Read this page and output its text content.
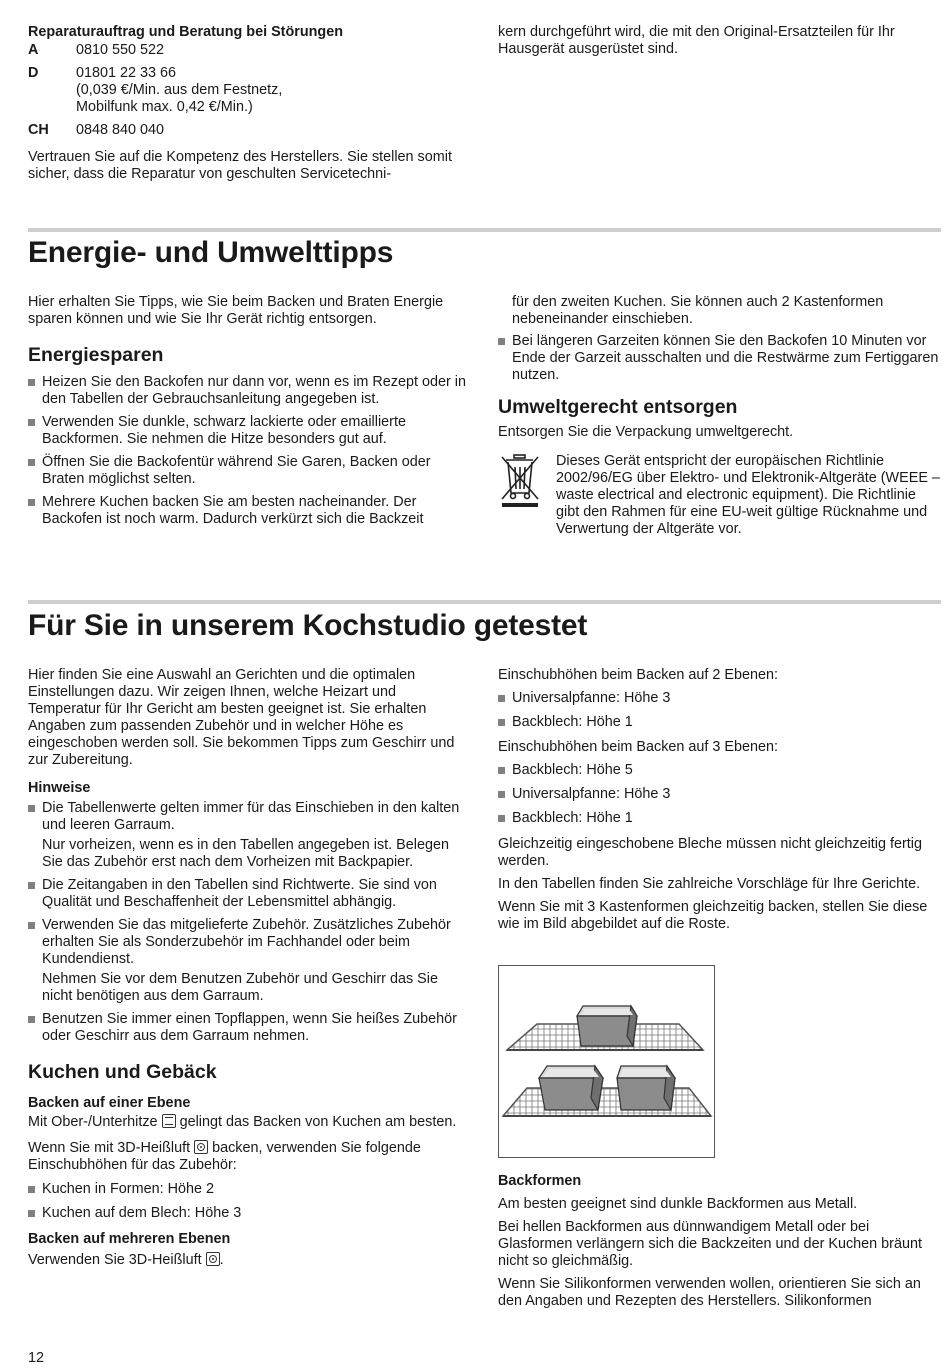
Reparaturauftrag und Beratung bei Störungen

A	0810 550 522

D	01801 22 33 66

(0,039 €/Min. aus dem Festnetz,

Mobilfunk max. 0,42 €/Min.)

CH 0848 840 040

Vertrauen Sie auf die Kompetenz des Herstellers. Sie stellen somit sicher, dass die Reparatur von geschulten Servicetechni-

kern durchgeführt wird, die mit den Original-Ersatzteilen für Ihr Hausgerät ausgerüstet sind.

Energie- und Umwelttipps

Hier erhalten Sie Tipps, wie Sie beim Backen und Braten Energie sparen können und wie Sie Ihr Gerät richtig entsorgen.

Energiesparen
Heizen Sie den Backofen nur dann vor, wenn es im Rezept oder in den Tabellen der Gebrauchsanleitung angegeben ist.
Verwenden Sie dunkle, schwarz lackierte oder emaillierte Backformen. Sie nehmen die Hitze besonders gut auf.
Öffnen Sie die Backofentür während Sie Garen, Backen oder Braten möglichst selten.
Mehrere Kuchen backen Sie am besten nacheinander. Der Backofen ist noch warm. Dadurch verkürzt sich die Backzeit

für den zweiten Kuchen. Sie können auch 2 Kastenformen nebeneinander einschieben.

Bei längeren Garzeiten können Sie den Backofen 10 Minuten vor Ende der Garzeit ausschalten und die Restwärme zum Fertiggaren nutzen.
Umweltgerecht entsorgen

Entsorgen Sie die Verpackung umweltgerecht.

Dieses Gerät entspricht der europäischen Richtlinie 2002/96/EG über Elektro- und Elektronik-Altgeräte (WEEE – waste electrical and electronic equipment). Die Richtlinie gibt den Rahmen für eine EU-weit gültige Rücknahme und Verwertung der Altgeräte vor.

Für Sie in unserem Kochstudio getestet

Hier finden Sie eine Auswahl an Gerichten und die optimalen Einstellungen dazu. Wir zeigen Ihnen, welche Heizart und Temperatur für Ihr Gericht am besten geeignet ist. Sie erhalten Angaben zum passenden Zubehör und in welcher Höhe es eingeschoben werden soll. Sie bekommen Tipps zum Geschirr und zur Zubereitung.

Hinweise

Die Tabellenwerte gelten immer für das Einschieben in den kalten und leeren Garraum.

Nur vorheizen, wenn es in den Tabellen angegeben ist. Belegen Sie das Zubehör erst nach dem Vorheizen mit Backpapier.

Die Zeitangaben in den Tabellen sind Richtwerte. Sie sind von Qualität und Beschaffenheit der Lebensmittel abhängig.

Verwenden Sie das mitgelieferte Zubehör. Zusätzliches Zubehör erhalten Sie als Sonderzubehör im Fachhandel oder beim Kundendienst.

Nehmen Sie vor dem Benutzen Zubehör und Geschirr das Sie nicht benötigen aus dem Garraum.

Benutzen Sie immer einen Topflappen, wenn Sie heißes Zubehör oder Geschirr aus dem Garraum nehmen.

Kuchen und Gebäck

Backen auf einer Ebene

Mit Ober-/Unterhitze gelingt das Backen von Kuchen am besten.

Wenn Sie mit 3D-Heißluft backen, verwenden Sie folgende Einschubhöhen für das Zubehör:

Kuchen in Formen: Höhe 2
Kuchen auf dem Blech: Höhe 3

Backen auf mehreren Ebenen

Verwenden Sie 3D-Heißluft .

Einschubhöhen beim Backen auf 2 Ebenen:

Universalpfanne: Höhe 3
Backblech: Höhe 1

Einschubhöhen beim Backen auf 3 Ebenen:

Backblech: Höhe 5
Universalpfanne: Höhe 3
Backblech: Höhe 1

Gleichzeitig eingeschobene Bleche müssen nicht gleichzeitig fertig werden.

In den Tabellen finden Sie zahlreiche Vorschläge für Ihre Gerichte.

Wenn Sie mit 3 Kastenformen gleichzeitig backen, stellen Sie diese wie im Bild abgebildet auf die Roste.

Backformen

Am besten geeignet sind dunkle Backformen aus Metall.

Bei hellen Backformen aus dünnwandigem Metall oder bei Glasformen verlängern sich die Backzeiten und der Kuchen bräunt nicht so gleichmäßig.

Wenn Sie Silikonformen verwenden wollen, orientieren Sie sich an den Angaben und Rezepten des Herstellers. Silikonformen

12
